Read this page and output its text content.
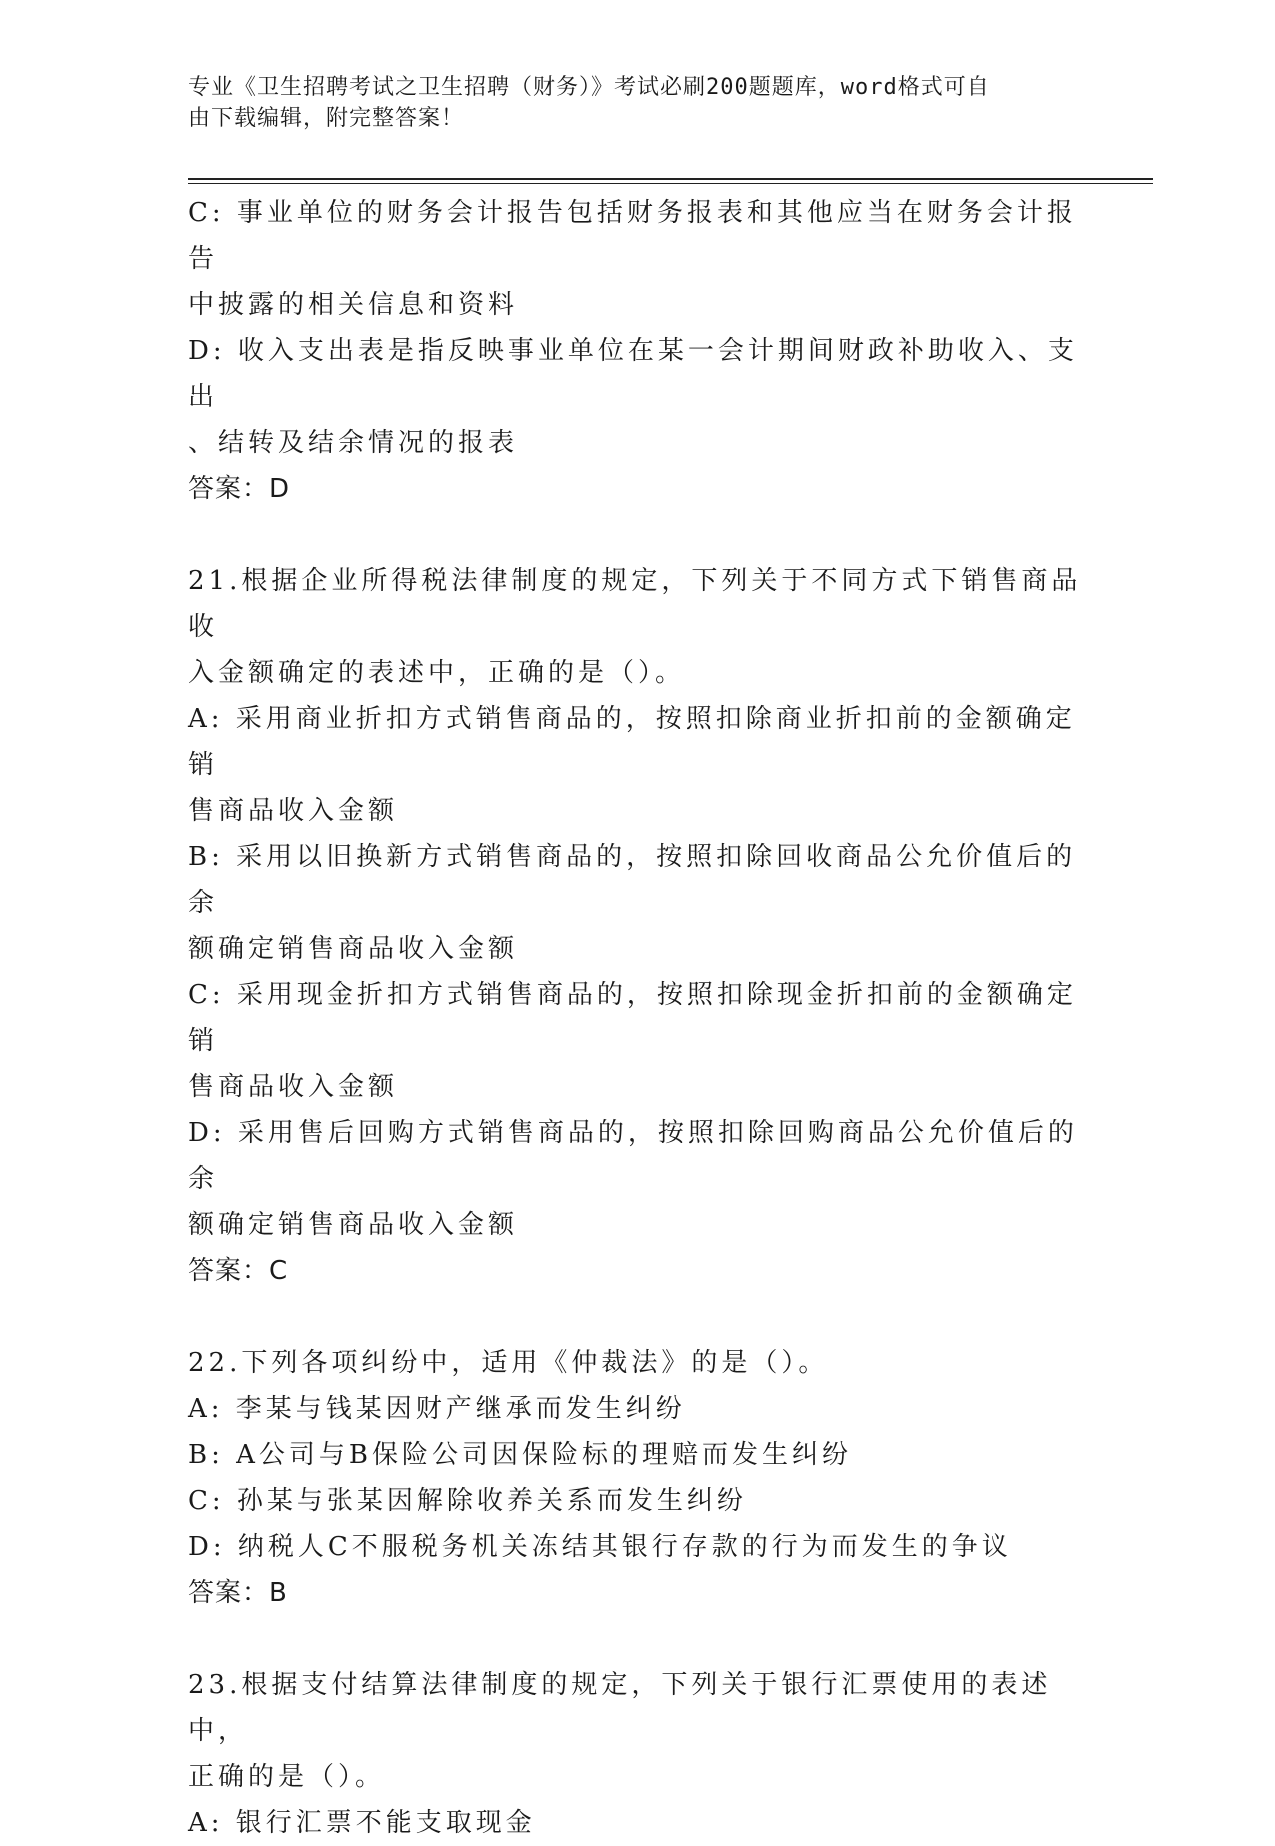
专业《卫生招聘考试之卫生招聘（财务）》考试必刷200题题库，word格式可自
由下载编辑，附完整答案！

C: 事业单位的财务会计报告包括财务报表和其他应当在财务会计报告

中披露的相关信息和资料

D: 收入支出表是指反映事业单位在某一会计期间财政补助收入、支出

、结转及结余情况的报表

答案：D

21.根据企业所得税法律制度的规定，下列关于不同方式下销售商品收

入金额确定的表述中，正确的是（）。

A: 采用商业折扣方式销售商品的，按照扣除商业折扣前的金额确定销

售商品收入金额

B: 采用以旧换新方式销售商品的，按照扣除回收商品公允价值后的余

额确定销售商品收入金额

C: 采用现金折扣方式销售商品的，按照扣除现金折扣前的金额确定销

售商品收入金额

D: 采用售后回购方式销售商品的，按照扣除回购商品公允价值后的余

额确定销售商品收入金额

答案：C

22.下列各项纠纷中，适用《仲裁法》的是（）。

A: 李某与钱某因财产继承而发生纠纷

B: A公司与B保险公司因保险标的理赔而发生纠纷

C: 孙某与张某因解除收养关系而发生纠纷

D: 纳税人C不服税务机关冻结其银行存款的行为而发生的争议

答案：B

23.根据支付结算法律制度的规定，下列关于银行汇票使用的表述中，

正确的是（）。

A: 银行汇票不能支取现金
